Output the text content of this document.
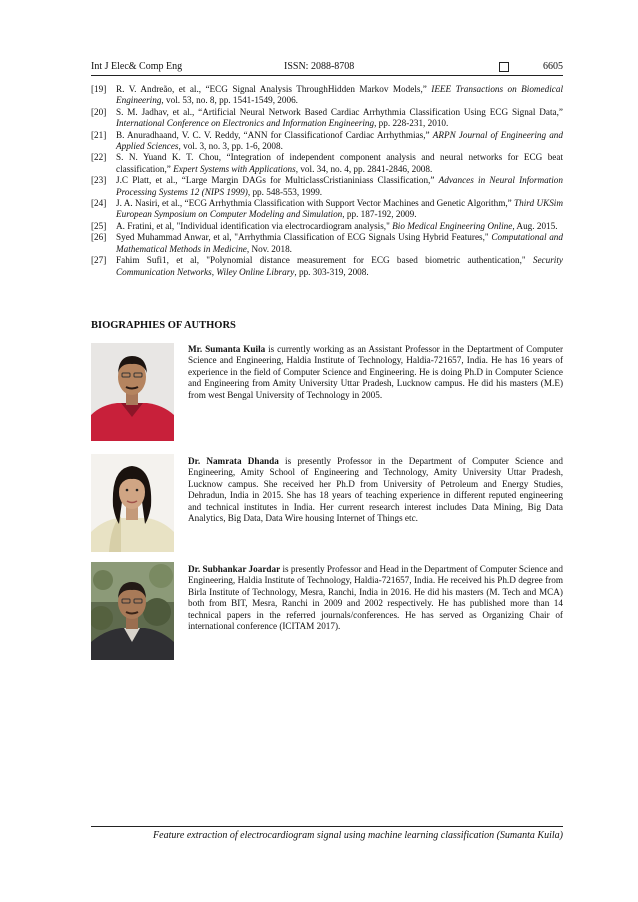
Int J Elec& Comp Eng	ISSN: 2088-8708	6605
[19] R. V. Andreão, et al., “ECG Signal Analysis ThroughHidden Markov Models,” IEEE Transactions on Biomedical Engineering, vol. 53, no. 8, pp. 1541-1549, 2006.
[20] S. M. Jadhav, et al., “Artificial Neural Network Based Cardiac Arrhythmia Classification Using ECG Signal Data,” International Conference on Electronics and Information Engineering, pp. 228-231, 2010.
[21] B. Anuradhaand, V. C. V. Reddy, “ANN for Classificationof Cardiac Arrhythmias,” ARPN Journal of Engineering and Applied Sciences, vol. 3, no. 3, pp. 1-6, 2008.
[22] S. N. Yuand K. T. Chou, “Integration of independent component analysis and neural networks for ECG beat classification,” Expert Systems with Applications, vol. 34, no. 4, pp. 2841-2846, 2008.
[23] J.C Platt, et al., “Large Margin DAGs for MulticlassCristianiniass Classification,” Advances in Neural Information Processing Systems 12 (NIPS 1999), pp. 548-553, 1999.
[24] J. A. Nasiri, et al., “ECG Arrhythmia Classification with Support Vector Machines and Genetic Algorithm,” Third UKSim European Symposium on Computer Modeling and Simulation, pp. 187-192, 2009.
[25] A. Fratini, et al, "Individual identification via electrocardiogram analysis," Bio Medical Engineering Online, Aug. 2015.
[26] Syed Muhammad Anwar, et al, "Arrhythmia Classification of ECG Signals Using Hybrid Features," Computational and Mathematical Methods in Medicine, Nov. 2018.
[27] Fahim Sufi1, et al, "Polynomial distance measurement for ECG based biometric authentication," Security Communication Networks, Wiley Online Library, pp. 303-319, 2008.
BIOGRAPHIES OF AUTHORS
Mr. Sumanta Kuila is currently working as an Assistant Professor in the Deptartment of Computer Science and Engineering, Haldia Institute of Technology, Haldia-721657, India. He has 16 years of experience in the field of Computer Science and Engineering. He is doing Ph.D in Computer Science and Engineering from Amity University Uttar Pradesh, Lucknow campus. He did his masters (M.E) from west Bengal University of Technology in 2005.
Dr. Namrata Dhanda is presently Professor in the Department of Computer Science and Engineering, Amity School of Engineering and Technology, Amity University Uttar Pradesh, Lucknow campus. She received her Ph.D from University of Petroleum and Energy Studies, Dehradun, India in 2015. She has 18 years of teaching experience in different reputed engineering and technical institutes in India. Her current research interest includes Data Mining, Big Data Analytics, Big Data, Data Wire housing Internet of Things etc.
Dr. Subhankar Joardar is presently Professor and Head in the Department of Computer Science and Engineering, Haldia Institute of Technology, Haldia-721657, India. He received his Ph.D degree from Birla Institute of Technology, Mesra, Ranchi, India in 2016. He did his masters (M. Tech and MCA) both from BIT, Mesra, Ranchi in 2009 and 2002 respectively. He has published more than 14 technical papers in the referred journals/conferences. He has served as Organizing Chair of international conference (ICITAM 2017).
Feature extraction of electrocardiogram signal using machine learning classification (Sumanta Kuila)
